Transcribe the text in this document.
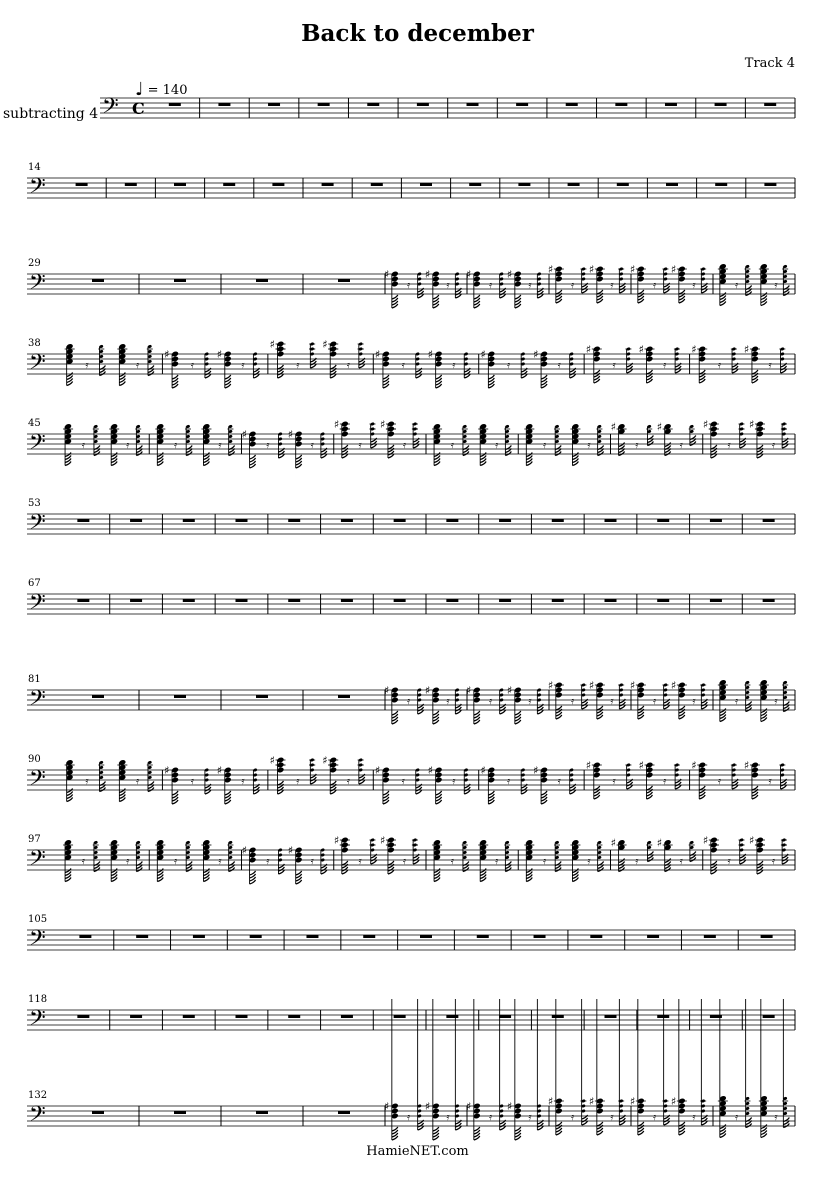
Back to december
Track 4
♩ = 140
subtracting 4 𝄢 C
𝄢
14
𝄢
29
♯	♯
𝄿	𝄿
♯	♯
𝄿	𝄿
♯	♯
𝄿	𝄿
♯	♯
𝄿	𝄿	𝄿	𝄿
𝄢
38
𝄿	𝄿
♯	♯
𝄿	𝄿
♯	♯
𝄿	𝄿
♯	♯
𝄿	𝄿
♯	♯
𝄿	𝄿
♯	♯
𝄿	𝄿
♯	♯
𝄿	𝄿
𝄢
45
𝄿	𝄿	𝄿	𝄿
♯	♯
𝄿	𝄿
♯	♯
𝄿	𝄿	𝄿	𝄿	𝄿	𝄿
♯	♯
𝄿	𝄿
♯	♯
𝄿	𝄿
𝄢
53
𝄢
67
𝄢
81
♯	♯
𝄿	𝄿
♯	♯
𝄿	𝄿
♯	♯
𝄿	𝄿
♯	♯
𝄿	𝄿	𝄿	𝄿
𝄢
90
𝄿	𝄿
♯	♯
𝄿	𝄿
♯	♯
𝄿	𝄿
♯	♯
𝄿	𝄿
♯	♯
𝄿	𝄿
♯	♯
𝄿	𝄿
♯	♯
𝄿	𝄿
𝄢
97
𝄿	𝄿	𝄿	𝄿
♯	♯
𝄿	𝄿
♯	♯
𝄿	𝄿	𝄿	𝄿	𝄿	𝄿
♯	♯
𝄿	𝄿
♯	♯
𝄿	𝄿
𝄢
105
𝄢
118
𝄢
132
♯	♯
𝄿	𝄿
♯	♯
𝄿	𝄿
♯	♯
𝄿	𝄿
♯	♯
𝄿	𝄿	𝄿	𝄿
HamieNET.com
